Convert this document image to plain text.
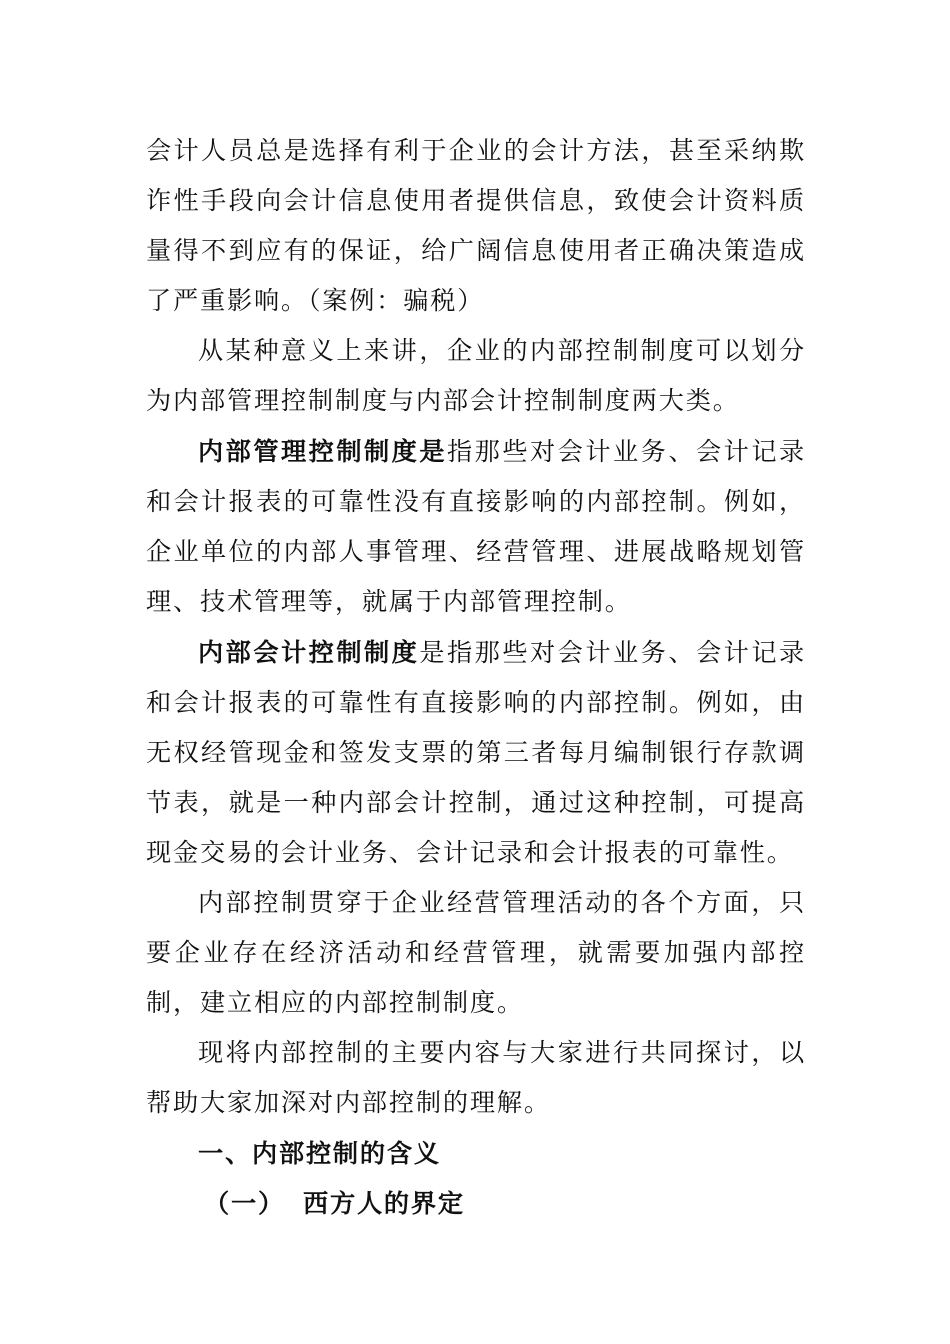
会计人员总是选择有利于企业的会计方法，甚至采纳欺诈性手段向会计信息使用者提供信息，致使会计资料质量得不到应有的保证，给广阔信息使用者正确决策造成了严重影响。（案例：骗税）

从某种意义上来讲，企业的内部控制制度可以划分为内部管理控制制度与内部会计控制制度两大类。

内部管理控制制度是指那些对会计业务、会计记录和会计报表的可靠性没有直接影响的内部控制。例如，企业单位的内部人事管理、经营管理、进展战略规划管理、技术管理等，就属于内部管理控制。

内部会计控制制度是指那些对会计业务、会计记录和会计报表的可靠性有直接影响的内部控制。例如，由无权经管现金和签发支票的第三者每月编制银行存款调节表，就是一种内部会计控制，通过这种控制，可提高现金交易的会计业务、会计记录和会计报表的可靠性。

内部控制贯穿于企业经营管理活动的各个方面，只要企业存在经济活动和经营管理，就需要加强内部控制，建立相应的内部控制制度。

现将内部控制的主要内容与大家进行共同探讨，以帮助大家加深对内部控制的理解。

一、内部控制的含义

（一） 西方人的界定
